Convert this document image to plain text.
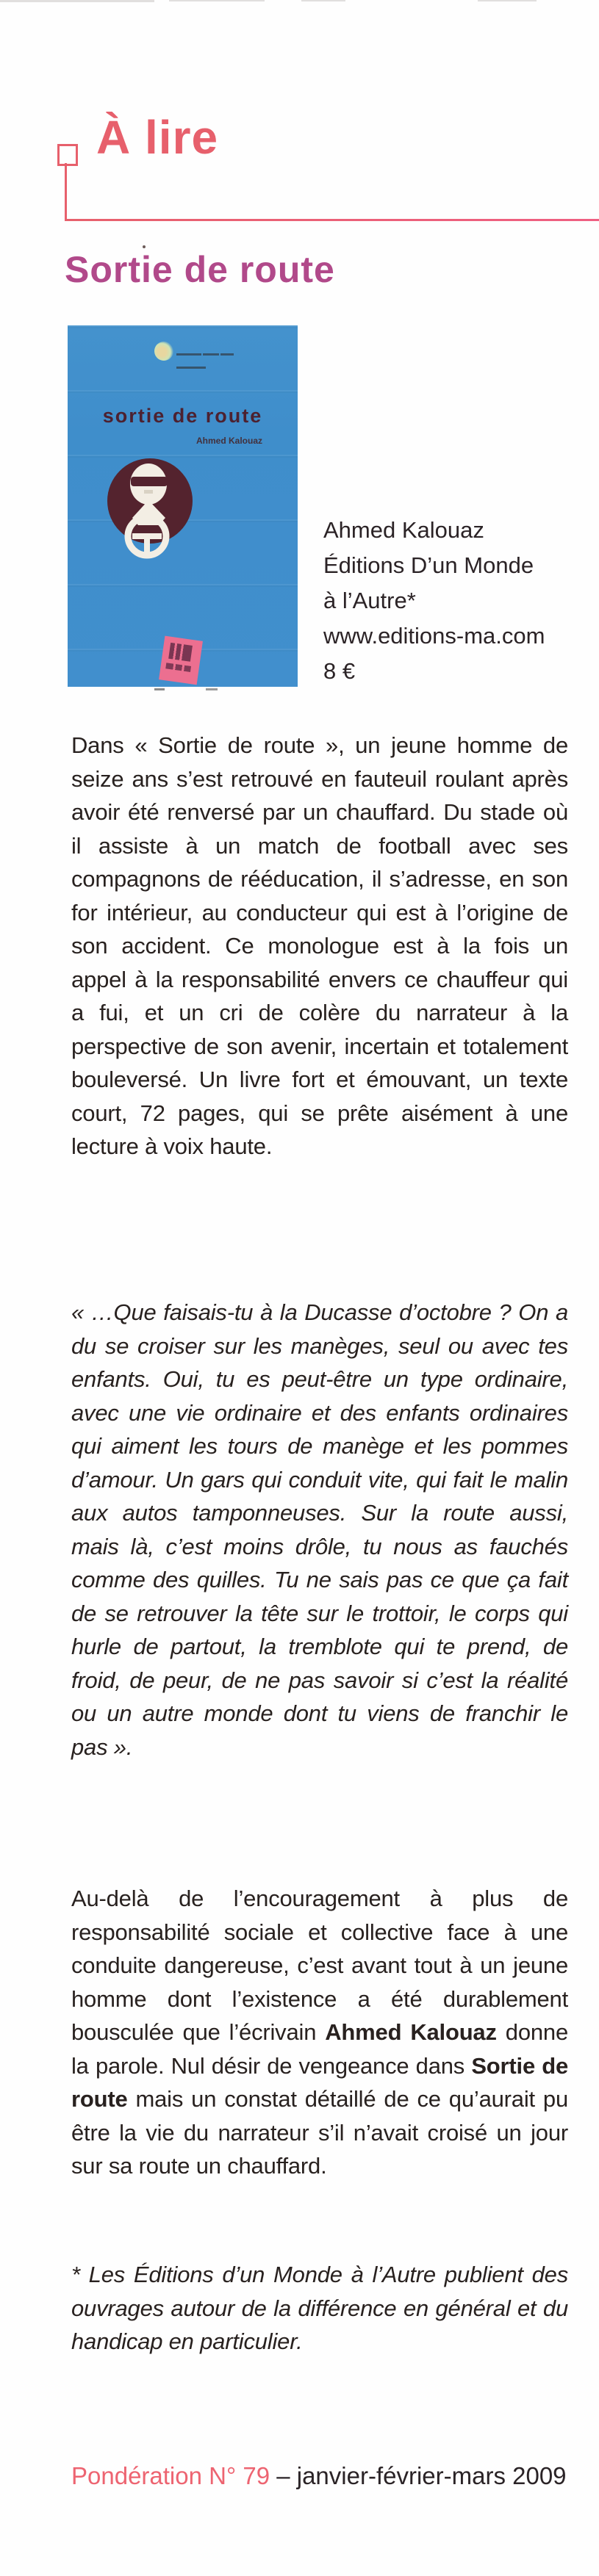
À lire
Sortie de route

sortie de route
Ahmed Kalouaz
Ahmed Kalouaz
Éditions D’un Monde
à l’Autre*
www.editions-ma.com
8 €
Dans « Sortie de route », un jeune homme de seize ans s’est retrouvé en fauteuil roulant après avoir été renversé par un chauffard. Du stade où il assiste à un match de football avec ses compagnons de rééducation, il s’adresse, en son for intérieur, au conducteur qui est à l’origine de son accident. Ce monologue est à la fois un appel à la responsabilité envers ce chauffeur qui a fui, et un cri de colère du narrateur à la perspective de son avenir, incertain et totalement bouleversé. Un livre fort et émouvant, un texte court, 72 pages, qui se prête aisément à une lecture à voix haute.
« …Que faisais-tu à la Ducasse d’octobre ? On a du se croiser sur les manèges, seul ou avec tes enfants. Oui, tu es peut-être un type ordinaire, avec une vie ordinaire et des enfants ordinaires qui aiment les tours de manège et les pommes d’amour. Un gars qui conduit vite, qui fait le malin aux autos tamponneuses. Sur la route aussi, mais là, c’est moins drôle, tu nous as fauchés comme des quilles. Tu ne sais pas ce que ça fait de se retrouver la tête sur le trottoir, le corps qui hurle de partout, la tremblote qui te prend, de froid, de peur, de ne pas savoir si c’est la réalité ou un autre monde dont tu viens de franchir le pas ».
Au-delà de l’encouragement à plus de responsabilité sociale et collective face à une conduite dangereuse, c’est avant tout à un jeune homme dont l’existence a été durablement bousculée que l’écrivain Ahmed Kalouaz donne la parole. Nul désir de vengeance dans Sortie de route mais un constat détaillé de ce qu’aurait pu être la vie du narrateur s’il n’avait croisé un jour sur sa route un chauffard.
* Les Éditions d’un Monde à l’Autre publient des ouvrages autour de la différence en général et du handicap en particulier.
Pondération N° 79 – janvier-février-mars 2009
